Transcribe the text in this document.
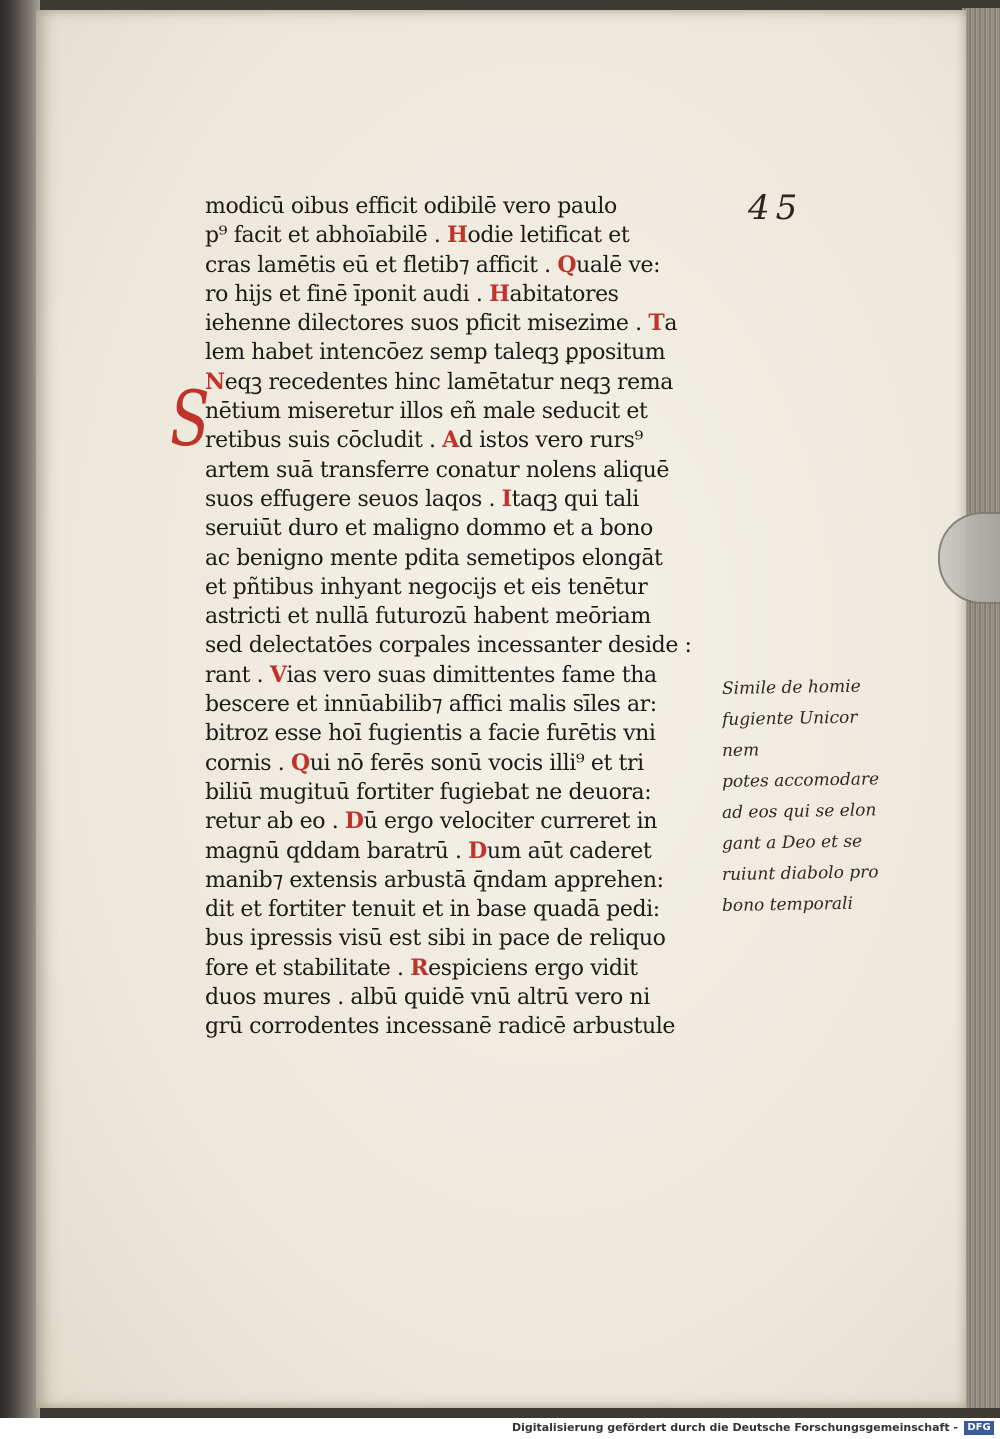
45
S
modicū oibus efficit odibilē vero paulo
p⁹ facit et abhoīabilē . Hodie letificat et
cras lamētis eū et fletib⁊ afficit . Qualē ve:
ro hijs et finē īponit audi . Habitatores
iehenne dilectores suos pficit misezime . Ta
lem habet intencōez semp taleqꝫ ꝑpositum
Neqꝫ recedentes hinc lamētatur neqꝫ rema
nētium miseretur illos eñ male seducit et
retibus suis cōcludit . Ad istos vero rurs⁹
artem suā transferre conatur nolens aliquē
suos effugere seuos laqos . Itaqꝫ qui tali
seruiūt duro et maligno dommo et a bono
ac benigno mente pdita semetipos elongāt
et pñtibus inhyant negocijs et eis tenētur
astricti et nullā futurozū habent meōriam
sed delectatōes corpales incessanter deside :
rant . Vias vero suas dimittentes fame tha
bescere et innūabilib⁊ affici malis sīles ar:
bitroz esse hoī fugientis a facie furētis vni
cornis . Qui nō ferēs sonū vocis illi⁹ et tri
biliū mugituū fortiter fugiebat ne deuora:
retur ab eo . Dū ergo velociter curreret in
magnū qddam baratrū . Dum aūt caderet
manib⁊ extensis arbustā q̄ndam apprehen:
dit et fortiter tenuit et in base quadā pedi:
bus ipressis visū est sibi in pace de reliquo
fore et stabilitate . Respiciens ergo vidit
duos mures . albū quidē vnū altrū vero ni
grū corrodentes incessanē radicē arbustule
Simile de homie
fugiente Unicor
nem
potes accomodare
ad eos qui se elon
gant a Deo et se
ruiunt diabolo pro
bono temporali
Digitalisierung gefördert durch die Deutsche Forschungsgemeinschaft - DFG
